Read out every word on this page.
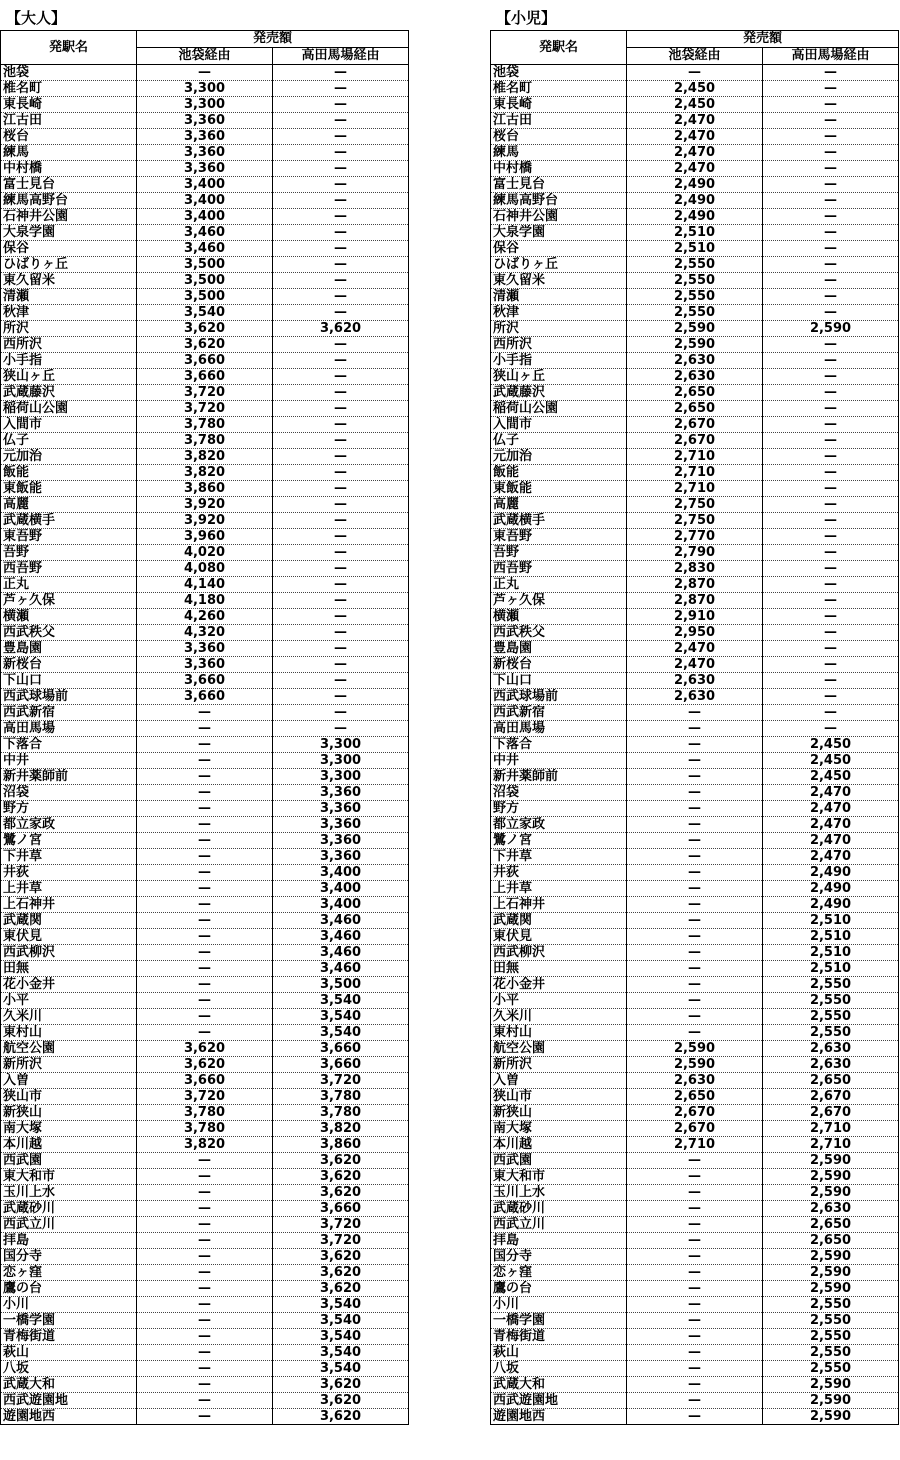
【大人】
発駅名	発売額	
	池袋経由	高田馬場経由
池袋	—	—
椎名町	3,300	—
東長崎	3,300	—
江古田	3,360	—
桜台	3,360	—
練馬	3,360	—
中村橋	3,360	—
富士見台	3,400	—
練馬高野台	3,400	—
石神井公園	3,400	—
大泉学園	3,460	—
保谷	3,460	—
ひばりヶ丘	3,500	—
東久留米	3,500	—
清瀬	3,500	—
秋津	3,540	—
所沢	3,620	3,620
西所沢	3,620	—
小手指	3,660	—
狭山ヶ丘	3,660	—
武蔵藤沢	3,720	—
稲荷山公園	3,720	—
入間市	3,780	—
仏子	3,780	—
元加治	3,820	—
飯能	3,820	—
東飯能	3,860	—
高麗	3,920	—
武蔵横手	3,920	—
東吾野	3,960	—
吾野	4,020	—
西吾野	4,080	—
正丸	4,140	—
芦ヶ久保	4,180	—
横瀬	4,260	—
西武秩父	4,320	—
豊島園	3,360	—
新桜台	3,360	—
下山口	3,660	—
西武球場前	3,660	—
西武新宿	—	—
高田馬場	—	—
下落合	—	3,300
中井	—	3,300
新井薬師前	—	3,300
沼袋	—	3,360
野方	—	3,360
都立家政	—	3,360
鷺ノ宮	—	3,360
下井草	—	3,360
井荻	—	3,400
上井草	—	3,400
上石神井	—	3,400
武蔵関	—	3,460
東伏見	—	3,460
西武柳沢	—	3,460
田無	—	3,460
花小金井	—	3,500
小平	—	3,540
久米川	—	3,540
東村山	—	3,540
航空公園	3,620	3,660
新所沢	3,620	3,660
入曽	3,660	3,720
狭山市	3,720	3,780
新狭山	3,780	3,780
南大塚	3,780	3,820
本川越	3,820	3,860
西武園	—	3,620
東大和市	—	3,620
玉川上水	—	3,620
武蔵砂川	—	3,660
西武立川	—	3,720
拝島	—	3,720
国分寺	—	3,620
恋ヶ窪	—	3,620
鷹の台	—	3,620
小川	—	3,540
一橋学園	—	3,540
青梅街道	—	3,540
萩山	—	3,540
八坂	—	3,540
武蔵大和	—	3,620
西武遊園地	—	3,620
遊園地西	—	3,620
【小児】
発駅名	発売額	
	池袋経由	高田馬場経由
池袋	—	—
椎名町	2,450	—
東長崎	2,450	—
江古田	2,470	—
桜台	2,470	—
練馬	2,470	—
中村橋	2,470	—
富士見台	2,490	—
練馬高野台	2,490	—
石神井公園	2,490	—
大泉学園	2,510	—
保谷	2,510	—
ひばりヶ丘	2,550	—
東久留米	2,550	—
清瀬	2,550	—
秋津	2,550	—
所沢	2,590	2,590
西所沢	2,590	—
小手指	2,630	—
狭山ヶ丘	2,630	—
武蔵藤沢	2,650	—
稲荷山公園	2,650	—
入間市	2,670	—
仏子	2,670	—
元加治	2,710	—
飯能	2,710	—
東飯能	2,710	—
高麗	2,750	—
武蔵横手	2,750	—
東吾野	2,770	—
吾野	2,790	—
西吾野	2,830	—
正丸	2,870	—
芦ヶ久保	2,870	—
横瀬	2,910	—
西武秩父	2,950	—
豊島園	2,470	—
新桜台	2,470	—
下山口	2,630	—
西武球場前	2,630	—
西武新宿	—	—
高田馬場	—	—
下落合	—	2,450
中井	—	2,450
新井薬師前	—	2,450
沼袋	—	2,470
野方	—	2,470
都立家政	—	2,470
鷺ノ宮	—	2,470
下井草	—	2,470
井荻	—	2,490
上井草	—	2,490
上石神井	—	2,490
武蔵関	—	2,510
東伏見	—	2,510
西武柳沢	—	2,510
田無	—	2,510
花小金井	—	2,550
小平	—	2,550
久米川	—	2,550
東村山	—	2,550
航空公園	2,590	2,630
新所沢	2,590	2,630
入曽	2,630	2,650
狭山市	2,650	2,670
新狭山	2,670	2,670
南大塚	2,670	2,710
本川越	2,710	2,710
西武園	—	2,590
東大和市	—	2,590
玉川上水	—	2,590
武蔵砂川	—	2,630
西武立川	—	2,650
拝島	—	2,650
国分寺	—	2,590
恋ヶ窪	—	2,590
鷹の台	—	2,590
小川	—	2,550
一橋学園	—	2,550
青梅街道	—	2,550
萩山	—	2,550
八坂	—	2,550
武蔵大和	—	2,590
西武遊園地	—	2,590
遊園地西	—	2,590
